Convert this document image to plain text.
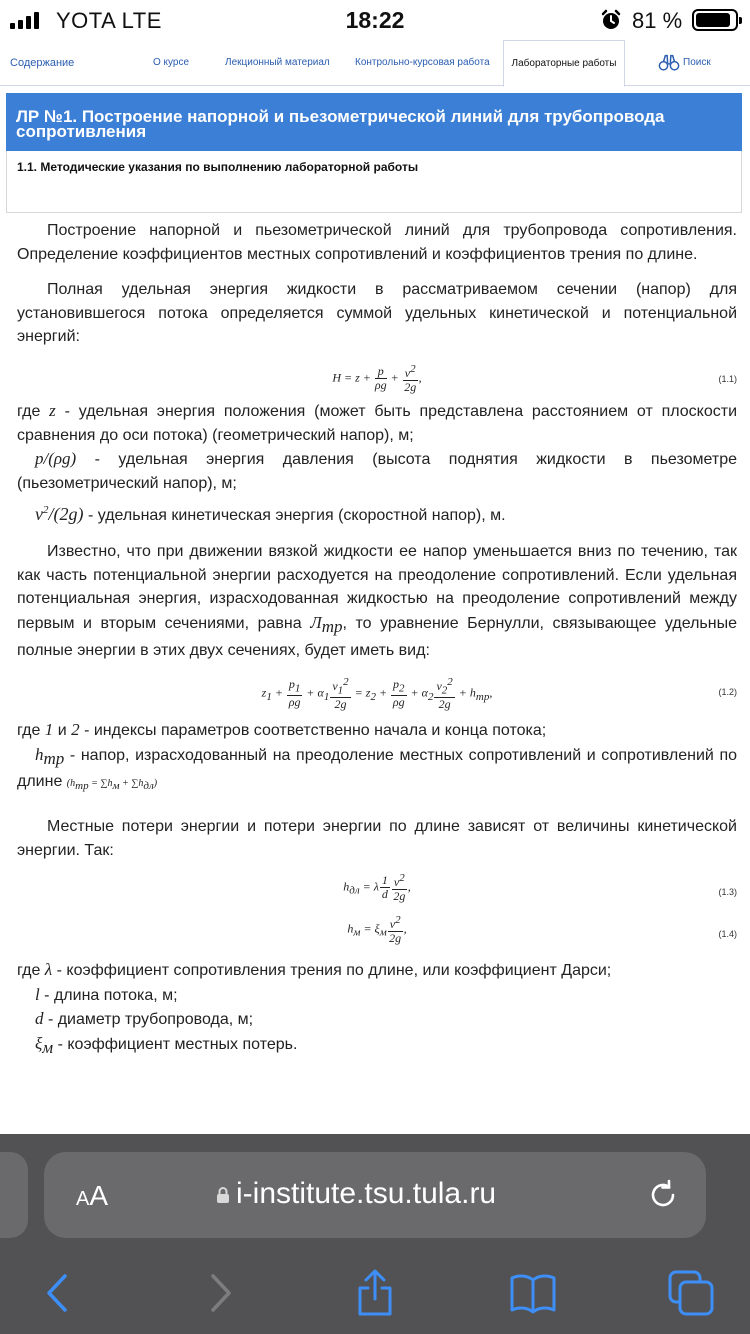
YOTA LTE	18:22	81 %
Содержание	О курсе	Лекционный материал	Контрольно-курсовая работа	Лабораторные работы	Поиск
ЛР №1. Построение напорной и пьезометрической линий для трубопровода сопротивления
1.1. Методические указания по выполнению лабораторной работы

Построение напорной и пьезометрической линий для трубопровода сопротивления. Определение коэффициентов местных сопротивлений и коэффициентов трения по длине.

Полная удельная энергия жидкости в рассматриваемом сечении (напор) для установившегося потока определяется суммой удельных кинетической и потенциальной энергий:

$H = z + \frac{p}{\rho g} + \frac{v^2}{2g}$ ,	(1.1)

где z - удельная энергия положения (может быть представлена расстоянием от плоскости сравнения до оси потока) (геометрический напор), м;

p/(ρg) - удельная энергия давления (высота поднятия жидкости в пьезометре (пьезометрический напор), м;

$v^2/(2g)$ - удельная кинетическая энергия (скоростной напор), м.

Известно, что при движении вязкой жидкости ее напор уменьшается вниз по течению, так как часть потенциальной энергии расходуется на преодоление сопротивлений. Если удельная потенциальная энергия, израсходованная жидкостью на преодоление сопротивлений между первым и вторым сечениями, равна $Л_{тр}$, то уравнение Бернулли, связывающее удельные полные энергии в этих двух сечениях, будет иметь вид:

$z_1 + \frac{p_1}{\rho g} + \alpha_1 \frac{v_1^2}{2g} = z_2 + \frac{p_2}{\rho g} + \alpha_2 \frac{v_2^2}{2g} + h_{mp}$,	(1.2)

где 1 и 2 - индексы параметров соответственно начала и конца потока;

$h_{mp}$ - напор, израсходованный на преодоление местных сопротивлений и сопротивлений по длине $(h_{mp} = \sum h_м + \sum h_{дл})$

Местные потери энергии и потери энергии по длине зависят от величины кинетической энергии. Так:

$h_{дл} = \lambda \frac{1}{d} \frac{v^2}{2g}$ ,	(1.3)
$h_м = \xi_м \frac{v^2}{2g}$ ,	(1.4)

где λ - коэффициент сопротивления трения по длине, или коэффициент Дарси;

l - длина потока, м;

d - диаметр трубопровода, м;

$\xi_м$ - коэффициент местных потерь.

AA	i-institute.tsu.tula.ru
